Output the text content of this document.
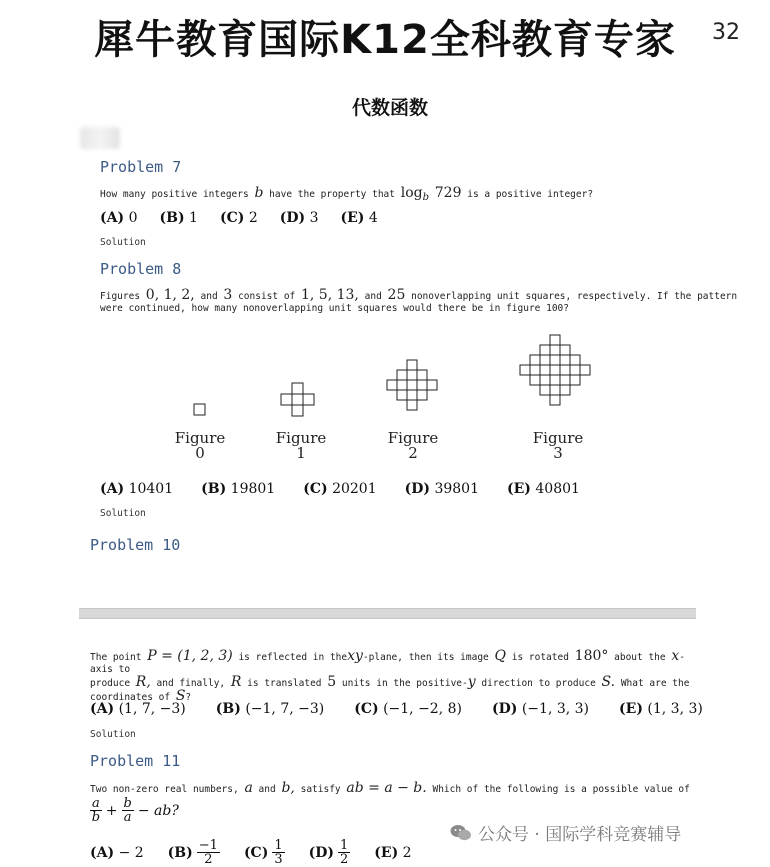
犀牛教育国际K12全科教育专家	32
代数函数
Problem 7
How many positive integers b have the property that $\log_b 729$ is a positive integer?
(A) 0 (B) 1 (C) 2 (D) 3 (E) 4
Solution
Problem 8
Figures 0, 1, 2, and 3 consist of 1, 5, 13, and 25 nonoverlapping unit squares, respectively. If the pattern
were continued, how many nonoverlapping unit squares would there be in figure 100?
Figure
0
Figure
1
Figure
2
Figure
3
(A) 10401 (B) 19801 (C) 20201 (D) 39801 (E) 40801
Solution
Problem 10
The point P = (1, 2, 3) is reflected in thexy-plane, then its image Q is rotated 180° about the x-axis to
produce R, and finally, R is translated 5 units in the positive-y direction to produce S. What are the
coordinates of S?
(A) (1, 7, −3) (B) (−1, 7, −3) (C) (−1, −2, 8) (D) (−1, 3, 3) (E) (1, 3, 3)
Solution
Problem 11
Two non-zero real numbers, a and b, satisfy ab = a − b. Which of the following is a possible value of
$\frac{a}{b} + \frac{b}{a}$ − ab?
(A) − 2 $(B) \frac{-1}{2} (C) \frac{1}{3} (D) \frac{1}{2} (E)$ 2
公众号 · 国际学科竞赛辅导
